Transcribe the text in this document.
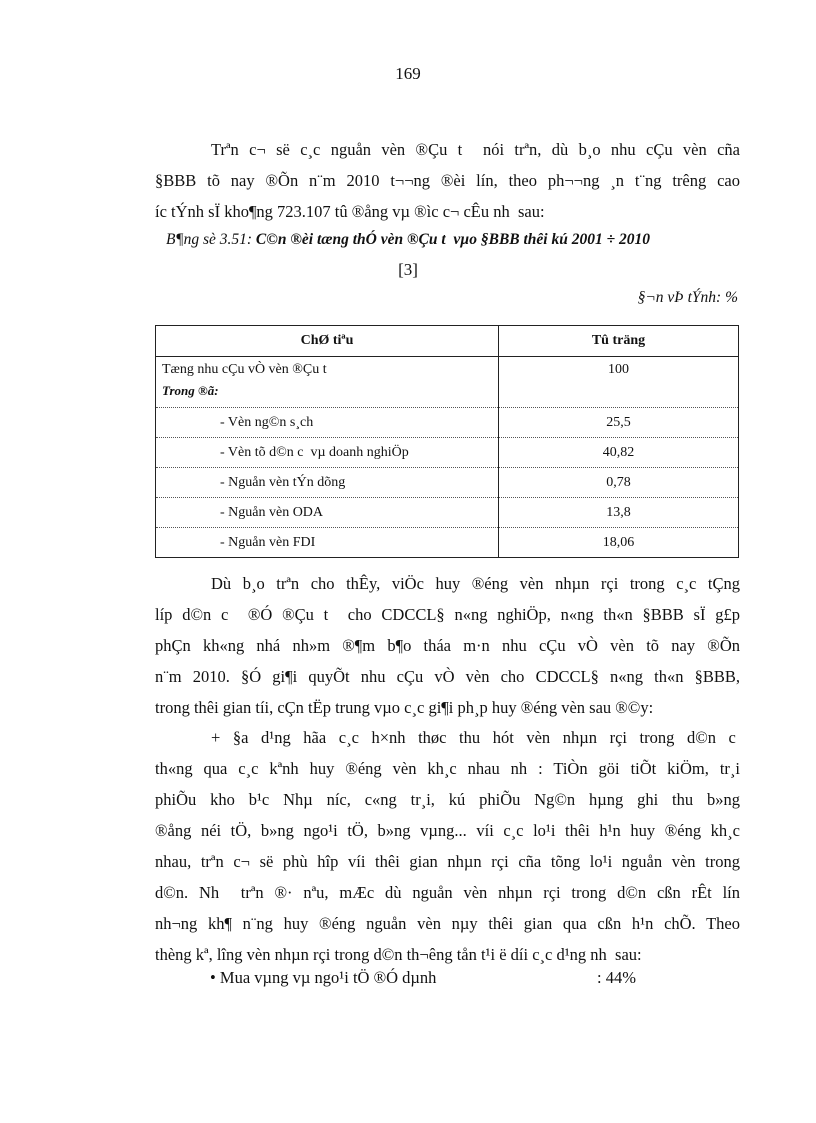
169
Trªn c¬ së c¸c nguån vèn ®Çu t  nói trªn, dù b¸o nhu cÇu vèn cña
§BBB tõ nay ®Õn n¨m 2010 t¬¬ng ®èi lín, theo ph¬¬ng ¸n t¨ng trêng cao
íc tÝnh sÏ kho¶ng 723.107 tû ®ång vµ ®ìc c¬ cÊu nh  sau:
B¶ng sè 3.51: C©n ®èi tæng thÓ vèn ®Çu t  vµo §BBB thêi kú 2001 ÷ 2010
[3]
§¬n vÞ tÝnh: %
ChØ tiªu	Tû träng
Tæng nhu cÇu vÒ vèn ®Çu t	100
Trong ®ã:	
- Vèn ng©n s¸ch	25,5
- Vèn tõ d©n c  vµ doanh nghiÖp	40,82
- Nguån vèn tÝn dõng	0,78
- Nguån vèn ODA	13,8
- Nguån vèn FDI	18,06
Dù b¸o trªn cho thÊy, viÖc huy ®éng vèn nhµn rçi trong c¸c tÇng
líp d©n c  ®Ó ®Çu t  cho CDCCL§ n«ng nghiÖp, n«ng th«n §BBB sÏ g£p
phÇn kh«ng nhá nh»m ®¶m b¶o tháa m·n nhu cÇu vÒ vèn tõ nay ®Õn
n¨m 2010. §Ó gi¶i quyÕt nhu cÇu vÒ vèn cho CDCCL§ n«ng th«n §BBB,
trong thêi gian tíi, cÇn tËp trung vµo c¸c gi¶i ph¸p huy ®éng vèn sau ®©y:
+ §a d¹ng hãa c¸c h×nh thøc thu hót vèn nhµn rçi trong d©n c
th«ng qua c¸c kªnh huy ®éng vèn kh¸c nhau nh : TiÒn göi tiÕt kiÖm, tr¸i
phiÕu kho b¹c Nhµ níc, c«ng tr¸i, kú phiÕu Ng©n hµng ghi thu b»ng
®ång néi tÖ, b»ng ngo¹i tÖ, b»ng vµng... víi c¸c lo¹i thêi h¹n huy ®éng kh¸c
nhau, trªn c¬ së phù hîp víi thêi gian nhµn rçi cña tõng lo¹i nguån vèn trong
d©n. Nh  trªn ®· nªu, mÆc dù nguån vèn nhµn rçi trong d©n cßn rÊt lín
nh¬ng kh¶ n¨ng huy ®éng nguån vèn nµy thêi gian qua cßn h¹n chÕ. Theo
thèng kª, lîng vèn nhµn rçi trong d©n th¬êng tån t¹i ë díi c¸c d¹ng nh  sau:
• Mua vµng vµ ngo¹i tÖ ®Ó dµnh	: 44%
